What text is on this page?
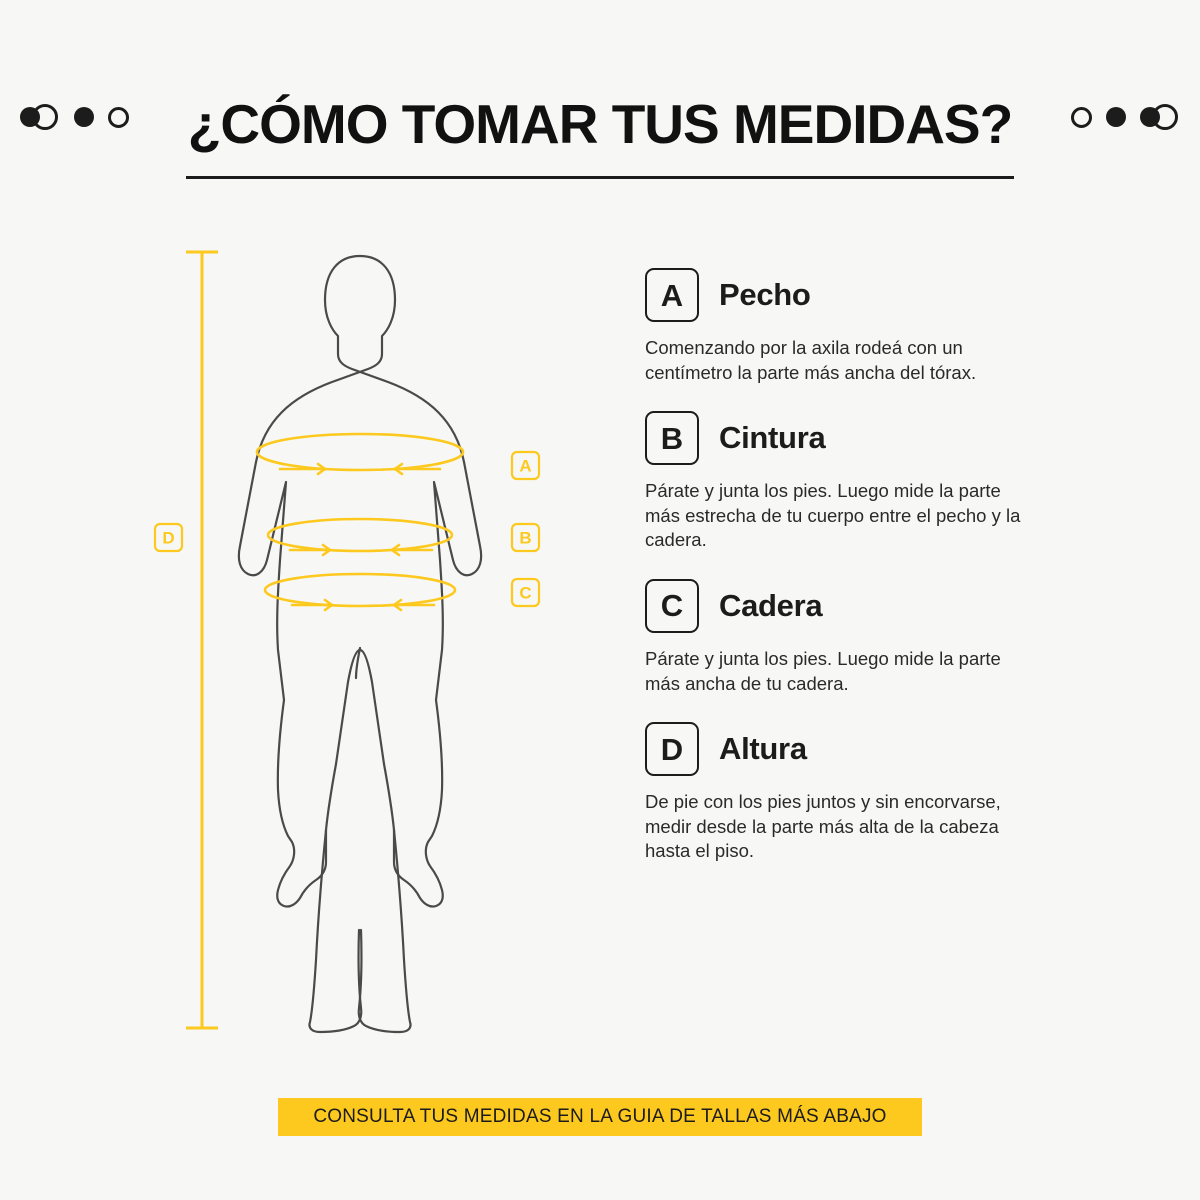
¿CÓMO TOMAR TUS MEDIDAS?
A
B
C
D
A	Pecho
Comenzando por la axila rodeá con un centímetro la parte más ancha del tórax.
B	Cintura
Párate y junta los pies. Luego mide la parte más estrecha de tu cuerpo entre el pecho y la cadera.
C	Cadera
Párate y junta los pies. Luego mide la parte más ancha de tu cadera.
D	Altura
De pie con los pies juntos y sin encorvarse, medir desde la parte más alta de la cabeza hasta el piso.
CONSULTA TUS MEDIDAS EN LA GUIA DE TALLAS MÁS ABAJO
